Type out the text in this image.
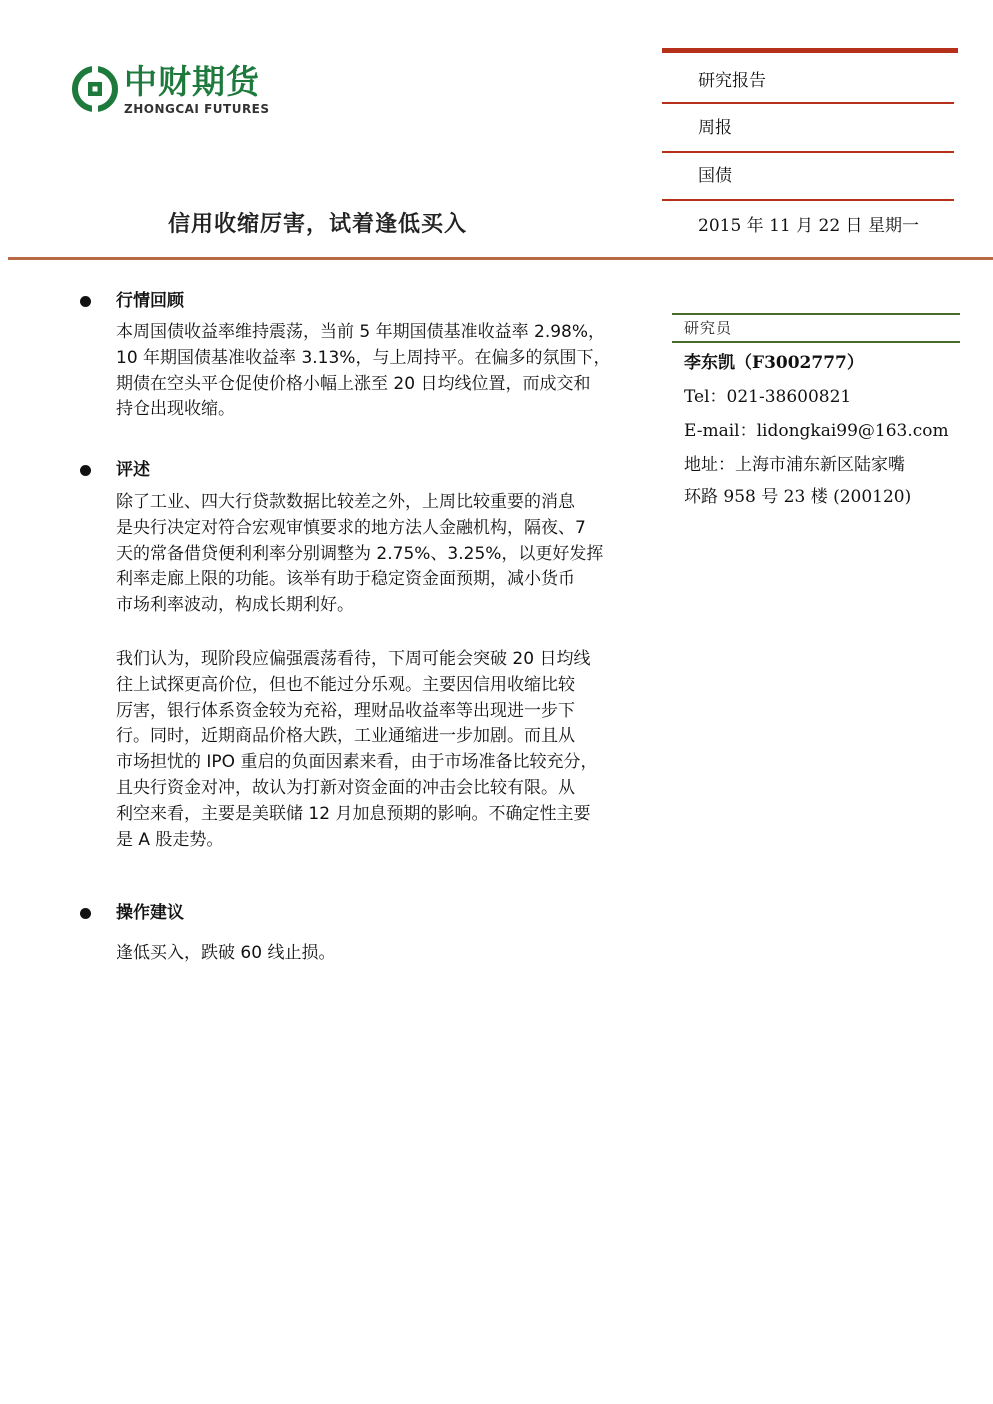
中财期货
ZHONGCAI FUTURES
研究报告
周报
国债
信用收缩厉害，试着逢低买入	2015 年 11 月 22 日 星期一
行情回顾
本周国债收益率维持震荡，当前 5 年期国债基准收益率 2.98%，
10 年期国债基准收益率 3.13%，与上周持平。在偏多的氛围下，
期债在空头平仓促使价格小幅上涨至 20 日均线位置，而成交和
持仓出现收缩。
评述
除了工业、四大行贷款数据比较差之外，上周比较重要的消息
是央行决定对符合宏观审慎要求的地方法人金融机构，隔夜、7
天的常备借贷便利利率分别调整为 2.75%、3.25%，以更好发挥
利率走廊上限的功能。该举有助于稳定资金面预期，减小货币
市场利率波动，构成长期利好。
我们认为，现阶段应偏强震荡看待，下周可能会突破 20 日均线
往上试探更高价位，但也不能过分乐观。主要因信用收缩比较
厉害，银行体系资金较为充裕，理财品收益率等出现进一步下
行。同时，近期商品价格大跌，工业通缩进一步加剧。而且从
市场担忧的 IPO 重启的负面因素来看，由于市场准备比较充分，
且央行资金对冲，故认为打新对资金面的冲击会比较有限。从
利空来看，主要是美联储 12 月加息预期的影响。不确定性主要
是 A 股走势。
操作建议
逢低买入，跌破 60 线止损。
研究员
李东凯（F3002777）
Tel：021-38600821
E-mail：lidongkai99@163.com
地址：上海市浦东新区陆家嘴
环路 958 号 23 楼 (200120)
